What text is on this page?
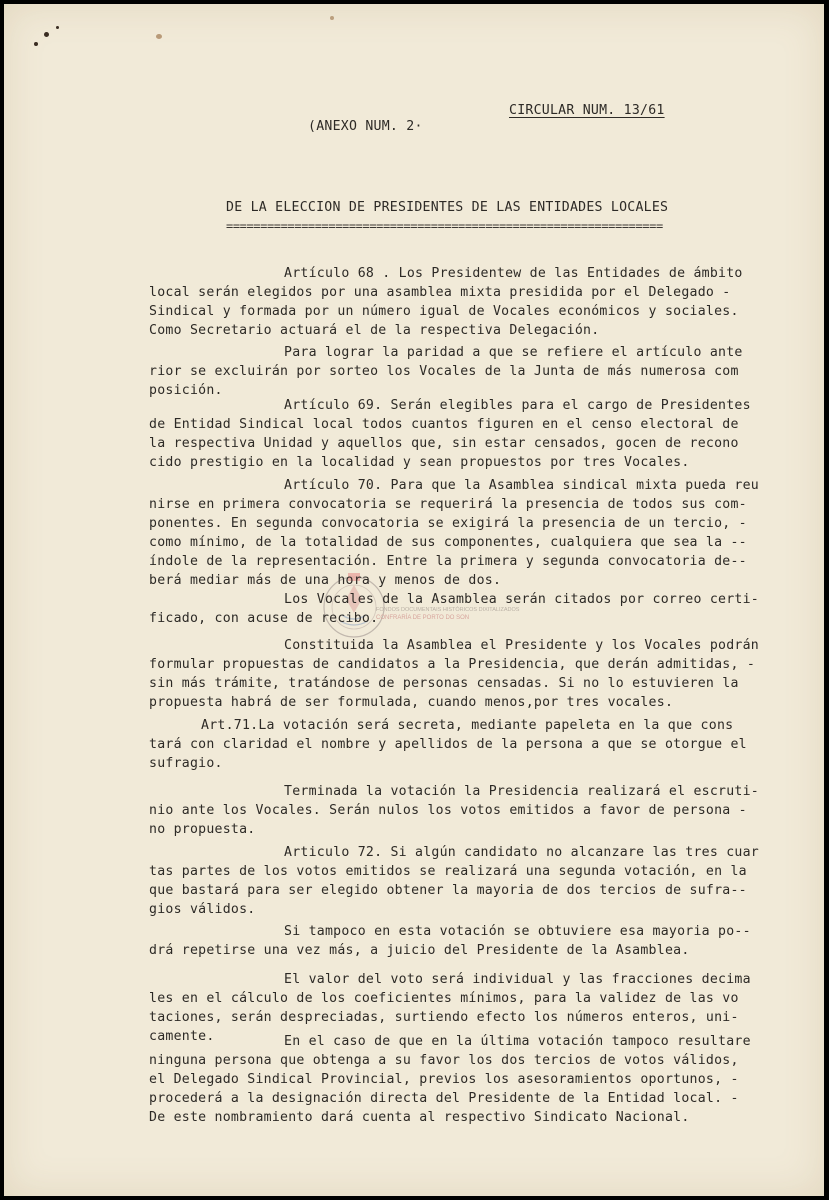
CIRCULAR NUM. 13/61
(ANEXO NUM. 2·
DE LA ELECCION DE PRESIDENTES DE LAS ENTIDADES LOCALES
================================================================
FONDOS DOCUMENTAIS HISTÓRICOS DIXITALIZADOS
CONFRARÍA DE PORTO DO SON
Artículo 68 . Los Presidentew de las Entidades de ámbito
local serán elegidos por una asamblea mixta presidida por el Delegado -
Sindical y formada por un número igual de Vocales económicos y sociales.
Como Secretario actuará el de la respectiva Delegación.
Para lograr la paridad a que se refiere el artículo ante
rior se excluirán por sorteo los Vocales de la Junta de más numerosa com
posición.
Artículo 69. Serán elegibles para el cargo de Presidentes
de Entidad Sindical local todos cuantos figuren en el censo electoral de
la respectiva Unidad y aquellos que, sin estar censados, gocen de recono
cido prestigio en la localidad y sean propuestos por tres Vocales.
Artículo 70. Para que la Asamblea sindical mixta pueda reu
nirse en primera convocatoria se requerirá la presencia de todos sus com-
ponentes. En segunda convocatoria se exigirá la presencia de un tercio, -
como mínimo, de la totalidad de sus componentes, cualquiera que sea la --
índole de la representación. Entre la primera y segunda convocatoria de--
berá mediar más de una hora y menos de dos.
Los Vocales de la Asamblea serán citados por correo certi-
ficado, con acuse de recibo.
Constituida la Asamblea el Presidente y los Vocales podrán
formular propuestas de candidatos a la Presidencia, que derán admitidas, -
sin más trámite, tratándose de personas censadas. Si no lo estuvieren la
propuesta habrá de ser formulada, cuando menos,por tres vocales.
Art.71.La votación será secreta, mediante papeleta en la que cons
tará con claridad el nombre y apellidos de la persona a que se otorgue el
sufragio.
Terminada la votación la Presidencia realizará el escruti-
nio ante los Vocales. Serán nulos los votos emitidos a favor de persona -
no propuesta.
Articulo 72. Si algún candidato no alcanzare las tres cuar
tas partes de los votos emitidos se realizará una segunda votación, en la
que bastará para ser elegido obtener la mayoria de dos tercios de sufra--
gios válidos.
Si tampoco en esta votación se obtuviere esa mayoria po--
drá repetirse una vez más, a juicio del Presidente de la Asamblea.
El valor del voto será individual y las fracciones decima
les en el cálculo de los coeficientes mínimos, para la validez de las vo
taciones, serán despreciadas, surtiendo efecto los números enteros, uni-
camente.	En el caso de que en la última votación tampoco resultare
ninguna persona que obtenga a su favor los dos tercios de votos válidos,
el Delegado Sindical Provincial, previos los asesoramientos oportunos, -
procederá a la designación directa del Presidente de la Entidad local. -
De este nombramiento dará cuenta al respectivo Sindicato Nacional.
